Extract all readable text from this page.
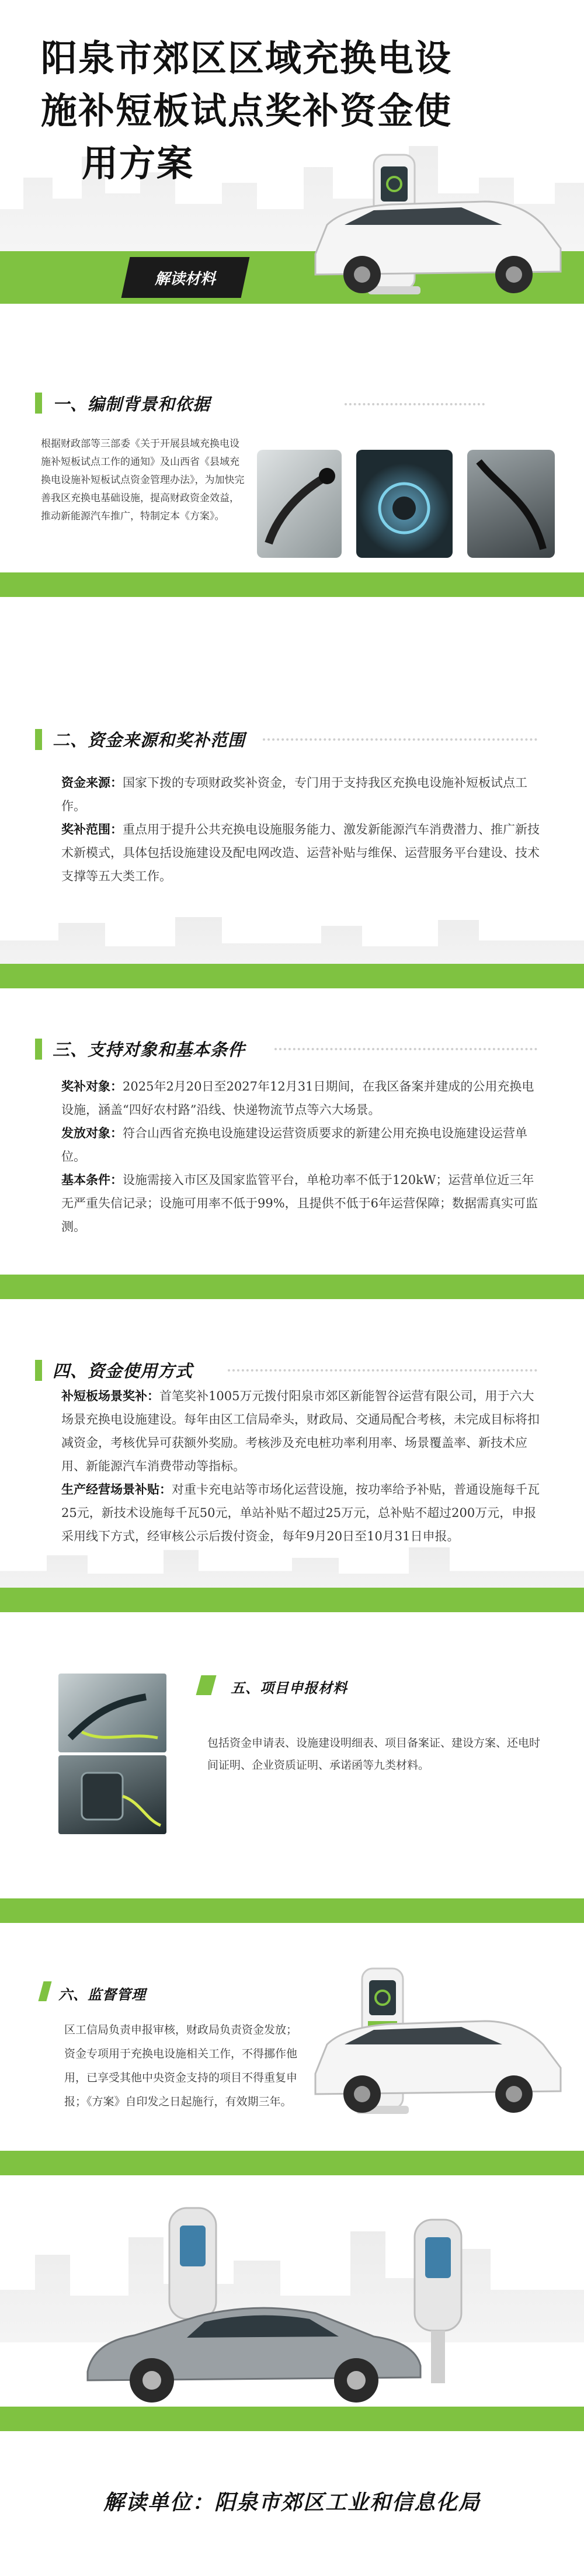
阳泉市郊区区域充换电设
施补短板试点奖补资金使
用方案
解读材料
一、编制背景和依据
根据财政部等三部委《关于开展县域充换电设施补短板试点工作的通知》及山西省《县域充换电设施补短板试点资金管理办法》，为加快完善我区充换电基础设施，提高财政资金效益，推动新能源汽车推广，特制定本《方案》。
二、资金来源和奖补范围

资金来源：国家下拨的专项财政奖补资金，专门用于支持我区充换电设施补短板试点工作。

奖补范围：重点用于提升公共充换电设施服务能力、激发新能源汽车消费潜力、推广新技术新模式，具体包括设施建设及配电网改造、运营补贴与维保、运营服务平台建设、技术支撑等五大类工作。

三、支持对象和基本条件

奖补对象：2025年2月20日至2027年12月31日期间，在我区备案并建成的公用充换电设施，涵盖“四好农村路”沿线、快递物流节点等六大场景。

发放对象：符合山西省充换电设施建设运营资质要求的新建公用充换电设施建设运营单位。

基本条件：设施需接入市区及国家监管平台，单枪功率不低于120kW；运营单位近三年无严重失信记录；设施可用率不低于99%，且提供不低于6年运营保障；数据需真实可监测。

四、资金使用方式

补短板场景奖补：首笔奖补1005万元拨付阳泉市郊区新能智谷运营有限公司，用于六大场景充换电设施建设。每年由区工信局牵头，财政局、交通局配合考核，未完成目标将扣减资金，考核优异可获额外奖励。考核涉及充电桩功率利用率、场景覆盖率、新技术应用、新能源汽车消费带动等指标。

生产经营场景补贴：对重卡充电站等市场化运营设施，按功率给予补贴，普通设施每千瓦25元，新技术设施每千瓦50元，单站补贴不超过25万元，总补贴不超过200万元，申报采用线下方式，经审核公示后拨付资金，每年9月20日至10月31日申报。

五、项目申报材料
包括资金申请表、设施建设明细表、项目备案证、建设方案、还电时间证明、企业资质证明、承诺函等九类材料。
六、监督管理
区工信局负责申报审核，财政局负责资金发放；资金专项用于充换电设施相关工作，不得挪作他用，已享受其他中央资金支持的项目不得重复申报；《方案》自印发之日起施行，有效期三年。
解读单位：阳泉市郊区工业和信息化局
